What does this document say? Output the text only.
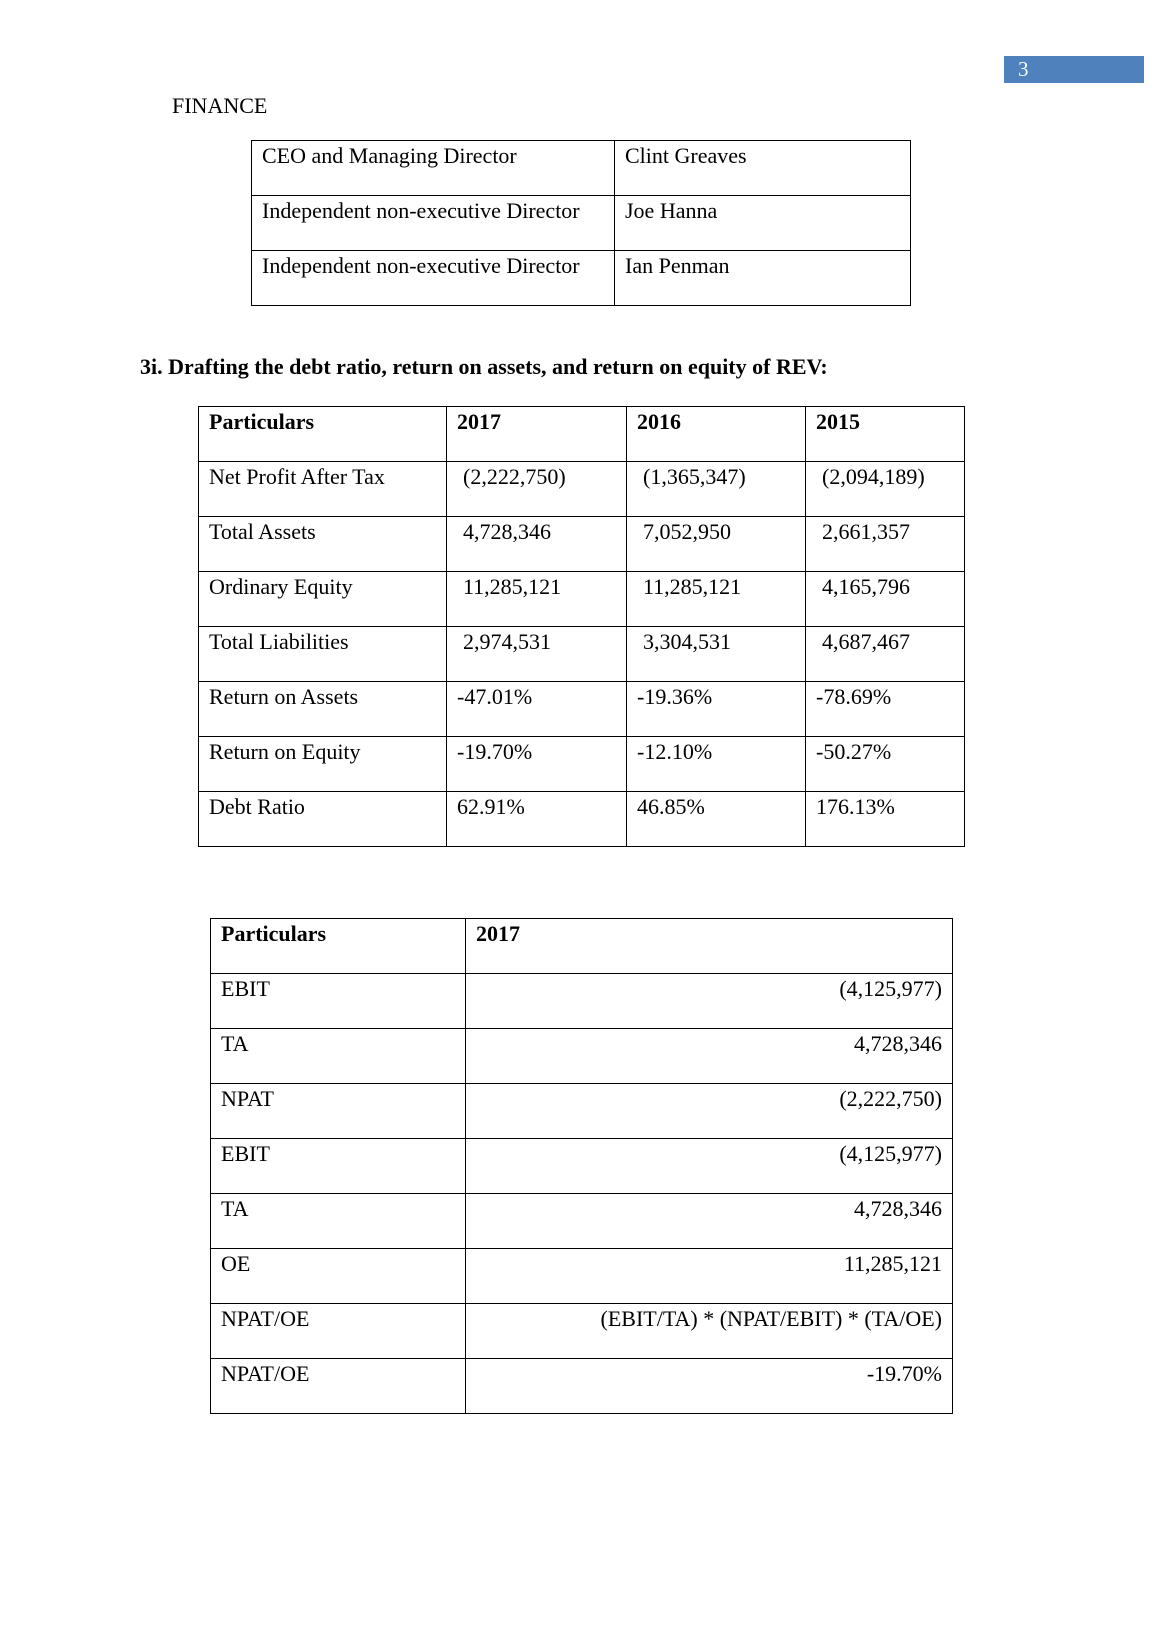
3
FINANCE
CEO and Managing Director	Clint Greaves
Independent non-executive Director	Joe Hanna
Independent non-executive Director	Ian Penman
3i. Drafting the debt ratio, return on assets, and return on equity of REV:
Particulars	2017	2016	2015
Net Profit After Tax	(2,222,750)	(1,365,347)	(2,094,189)
Total Assets	4,728,346	7,052,950	2,661,357
Ordinary Equity	11,285,121	11,285,121	4,165,796
Total Liabilities	2,974,531	3,304,531	4,687,467
Return on Assets	-47.01%	-19.36%	-78.69%
Return on Equity	-19.70%	-12.10%	-50.27%
Debt Ratio	62.91%	46.85%	176.13%
Particulars	2017
EBIT	(4,125,977)
TA	4,728,346
NPAT	(2,222,750)
EBIT	(4,125,977)
TA	4,728,346
OE	11,285,121
NPAT/OE	(EBIT/TA) * (NPAT/EBIT) * (TA/OE)
NPAT/OE	-19.70%
